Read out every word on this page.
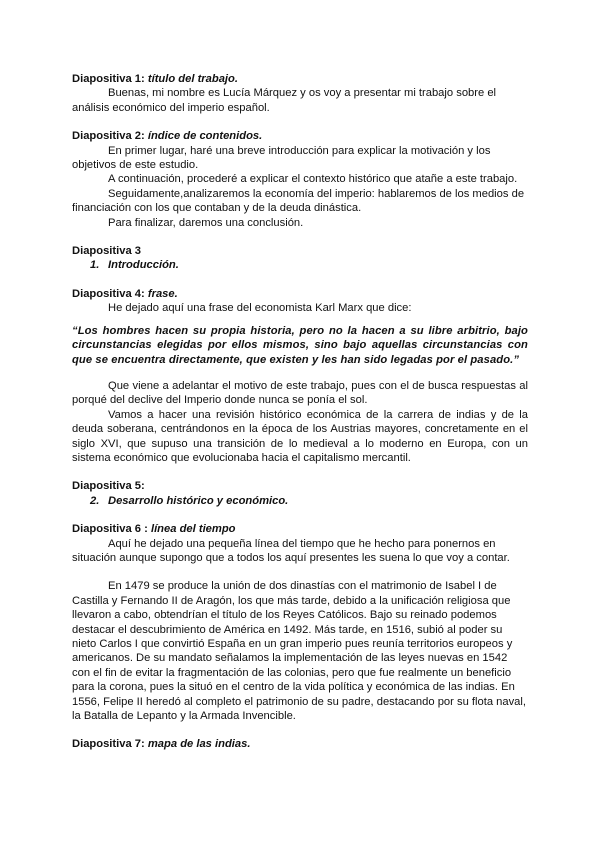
Diapositiva 1: título del trabajo.

Buenas, mi nombre es Lucía Márquez y os voy a presentar mi trabajo sobre el análisis económico del imperio español.

Diapositiva 2: índice de contenidos.

En primer lugar, haré una breve introducción para explicar la motivación y los objetivos de este estudio.

A continuación, procederé a explicar el contexto histórico que atañe a este trabajo.

Seguidamente,analizaremos la economía del imperio: hablaremos de los medios de financiación con los que contaban y de la deuda dinástica.

Para finalizar, daremos una conclusión.

Diapositiva 3

1. Introducción.

Diapositiva 4: frase.

He dejado aquí una frase del economista Karl Marx que dice:

“Los hombres hacen su propia historia, pero no la hacen a su libre arbitrio, bajo circunstancias elegidas por ellos mismos, sino bajo aquellas circunstancias con que se encuentra directamente, que existen y les han sido legadas por el pasado.”

Que viene a adelantar el motivo de este trabajo, pues con el de busca respuestas al porqué del declive del Imperio donde nunca se ponía el sol.

Vamos a hacer una revisión histórico económica de la carrera de indias y de la deuda soberana, centrándonos en la época de los Austrias mayores, concretamente en el siglo XVI, que supuso una transición de lo medieval a lo moderno en Europa, con un sistema económico que evolucionaba hacia el capitalismo mercantil.

Diapositiva 5:

2. Desarrollo histórico y económico.

Diapositiva 6 : línea del tiempo

Aquí he dejado una pequeña línea del tiempo que he hecho para ponernos en situación aunque supongo que a todos los aquí presentes les suena lo que voy a contar.

En 1479 se produce la unión de dos dinastías con el matrimonio de Isabel I de Castilla y Fernando II de Aragón, los que más tarde, debido a la unificación religiosa que llevaron a cabo, obtendrían el título de los Reyes Católicos. Bajo su reinado podemos destacar el descubrimiento de América en 1492. Más tarde, en 1516, subió al poder su nieto Carlos I que convirtió España en un gran imperio pues reunía territorios europeos y americanos. De su mandato señalamos la implementación de las leyes nuevas en 1542 con el fin de evitar la fragmentación de las colonias, pero que fue realmente un beneficio para la corona, pues la situó en el centro de la vida política y económica de las indias. En 1556, Felipe II heredó al completo el patrimonio de su padre, destacando por su flota naval, la Batalla de Lepanto y la Armada Invencible.

Diapositiva 7: mapa de las indias.
